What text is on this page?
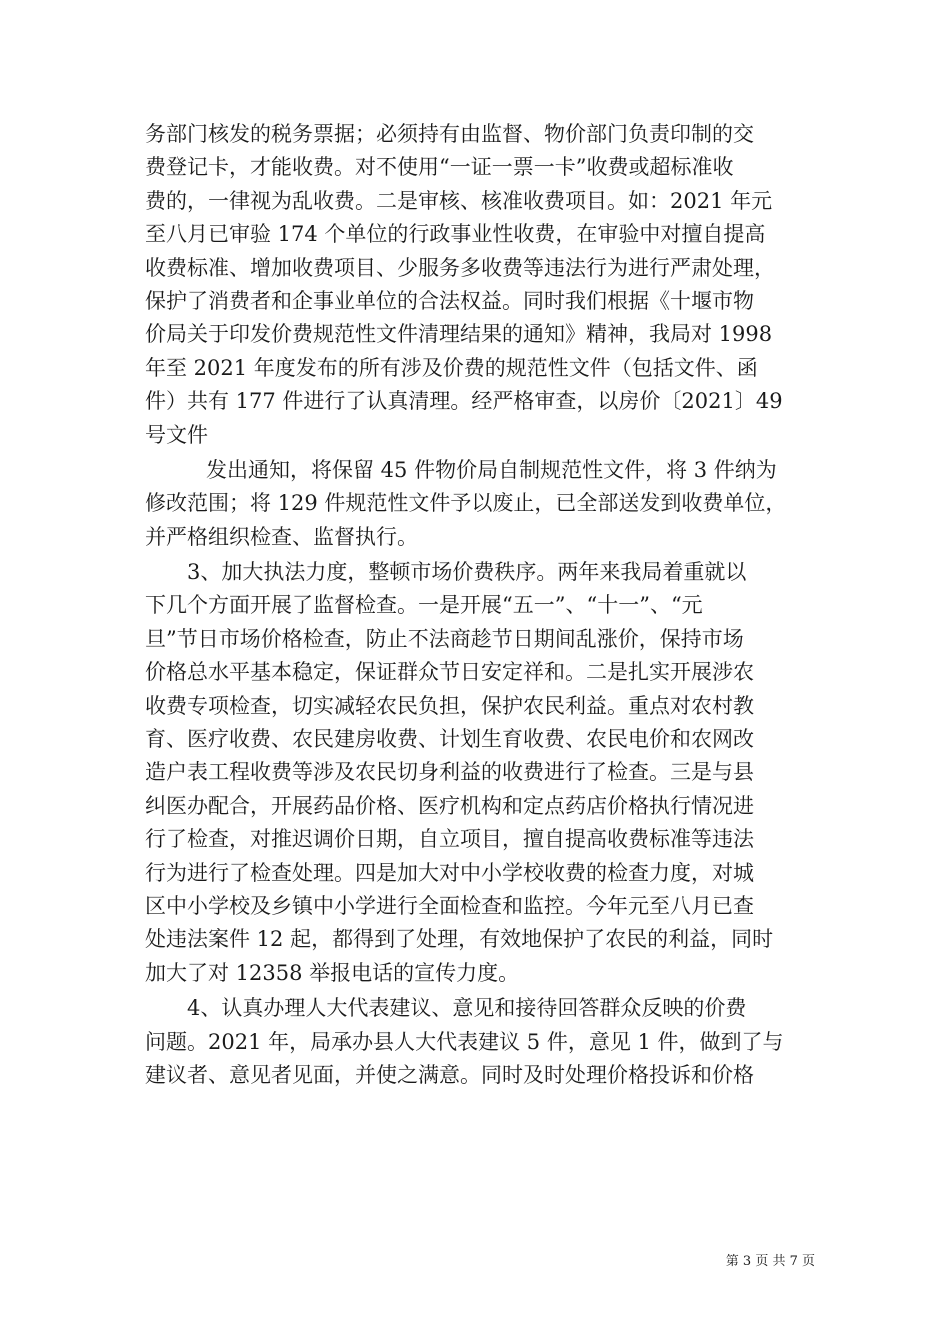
务部门核发的税务票据；必须持有由监督、物价部门负责印制的交
费登记卡，才能收费。对不使用“一证一票一卡”收费或超标准收
费的，一律视为乱收费。二是审核、核准收费项目。如：2021 年元
至八月已审验 174 个单位的行政事业性收费，在审验中对擅自提高
收费标准、增加收费项目、少服务多收费等违法行为进行严肃处理，
保护了消费者和企事业单位的合法权益。同时我们根据《十堰市物
价局关于印发价费规范性文件清理结果的通知》精神，我局对 1998
年至 2021 年度发布的所有涉及价费的规范性文件（包括文件、函
件）共有 177 件进行了认真清理。经严格审查，以房价〔2021〕49
号文件
发出通知，将保留 45 件物价局自制规范性文件，将 3 件纳为
修改范围；将 129 件规范性文件予以废止，已全部送发到收费单位，
并严格组织检查、监督执行。
3、加大执法力度，整顿市场价费秩序。两年来我局着重就以
下几个方面开展了监督检查。一是开展“五一”、“十一”、“元
旦”节日市场价格检查，防止不法商趁节日期间乱涨价，保持市场
价格总水平基本稳定，保证群众节日安定祥和。二是扎实开展涉农
收费专项检查，切实减轻农民负担，保护农民利益。重点对农村教
育、医疗收费、农民建房收费、计划生育收费、农民电价和农网改
造户表工程收费等涉及农民切身利益的收费进行了检查。三是与县
纠医办配合，开展药品价格、医疗机构和定点药店价格执行情况进
行了检查，对推迟调价日期，自立项目，擅自提高收费标准等违法
行为进行了检查处理。四是加大对中小学校收费的检查力度，对城
区中小学校及乡镇中小学进行全面检查和监控。今年元至八月已查
处违法案件 12 起，都得到了处理，有效地保护了农民的利益，同时
加大了对 12358 举报电话的宣传力度。
4、认真办理人大代表建议、意见和接待回答群众反映的价费
问题。2021 年，局承办县人大代表建议 5 件，意见 1 件，做到了与
建议者、意见者见面，并使之满意。同时及时处理价格投诉和价格
第 3 页 共 7 页
